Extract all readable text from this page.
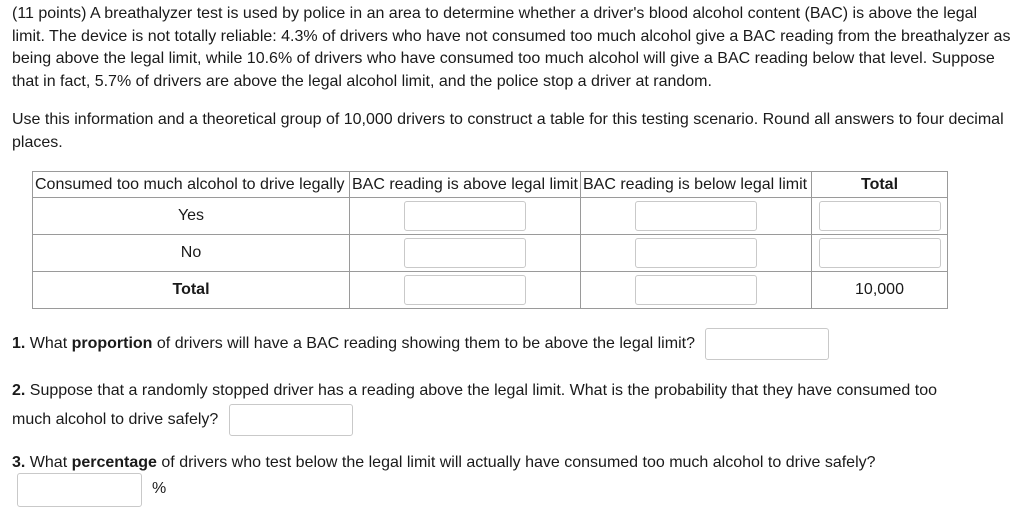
(11 points) A breathalyzer test is used by police in an area to determine whether a driver's blood alcohol content (BAC) is above the legal limit. The device is not totally reliable: 4.3% of drivers who have not consumed too much alcohol give a BAC reading from the breathalyzer as being above the legal limit, while 10.6% of drivers who have consumed too much alcohol will give a BAC reading below that level. Suppose that in fact, 5.7% of drivers are above the legal alcohol limit, and the police stop a driver at random.

Use this information and a theoretical group of 10,000 drivers to construct a table for this testing scenario. Round all answers to four decimal places.

Consumed too much alcohol to drive legally	BAC reading is above legal limit	BAC reading is below legal limit	Total
Yes			
No			
Total			10,000

1. What proportion of drivers will have a BAC reading showing them to be above the legal limit?

2. Suppose that a randomly stopped driver has a reading above the legal limit. What is the probability that they have consumed too much alcohol to drive safely?

3. What percentage of drivers who test below the legal limit will actually have consumed too much alcohol to drive safely?

%
